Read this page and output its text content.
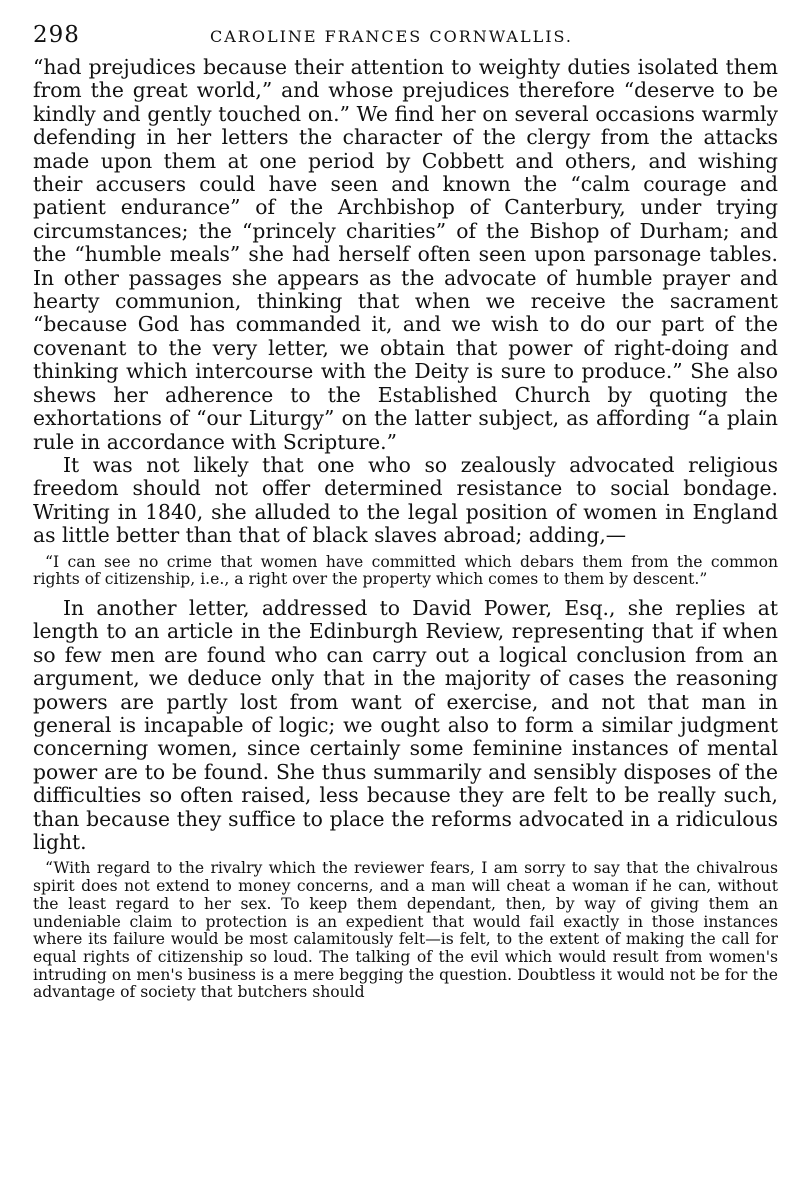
298	CAROLINE FRANCES CORNWALLIS.

“had prejudices because their attention to weighty duties isolated them from the great world,” and whose prejudices therefore “deserve to be kindly and gently touched on.” We find her on several occasions warmly defending in her letters the character of the clergy from the attacks made upon them at one period by Cobbett and others, and wishing their accusers could have seen and known the “calm courage and patient endurance” of the Archbishop of Canterbury, under trying circumstances; the “princely charities” of the Bishop of Durham; and the “humble meals” she had herself often seen upon parsonage tables. In other passages she appears as the advocate of humble prayer and hearty communion, thinking that when we receive the sacrament “because God has commanded it, and we wish to do our part of the covenant to the very letter, we obtain that power of right-doing and thinking which intercourse with the Deity is sure to produce.” She also shews her adherence to the Established Church by quoting the exhortations of “our Liturgy” on the latter subject, as affording “a plain rule in accordance with Scripture.”

It was not likely that one who so zealously advocated religious freedom should not offer determined resistance to social bondage. Writing in 1840, she alluded to the legal position of women in England as little better than that of black slaves abroad; adding,—

“I can see no crime that women have committed which debars them from the common rights of citizenship, i.e., a right over the property which comes to them by descent.”

In another letter, addressed to David Power, Esq., she replies at length to an article in the Edinburgh Review, representing that if when so few men are found who can carry out a logical conclusion from an argument, we deduce only that in the majority of cases the reasoning powers are partly lost from want of exercise, and not that man in general is incapable of logic; we ought also to form a similar judgment concerning women, since certainly some feminine instances of mental power are to be found. She thus summarily and sensibly disposes of the difficulties so often raised, less because they are felt to be really such, than because they suffice to place the reforms advocated in a ridiculous light.

“With regard to the rivalry which the reviewer fears, I am sorry to say that the chivalrous spirit does not extend to money concerns, and a man will cheat a woman if he can, without the least regard to her sex. To keep them dependant, then, by way of giving them an undeniable claim to protection is an expedient that would fail exactly in those instances where its failure would be most calamitously felt—is felt, to the extent of making the call for equal rights of citizenship so loud. The talking of the evil which would result from women's intruding on men's business is a mere begging the question. Doubtless it would not be for the advantage of society that butchers should
